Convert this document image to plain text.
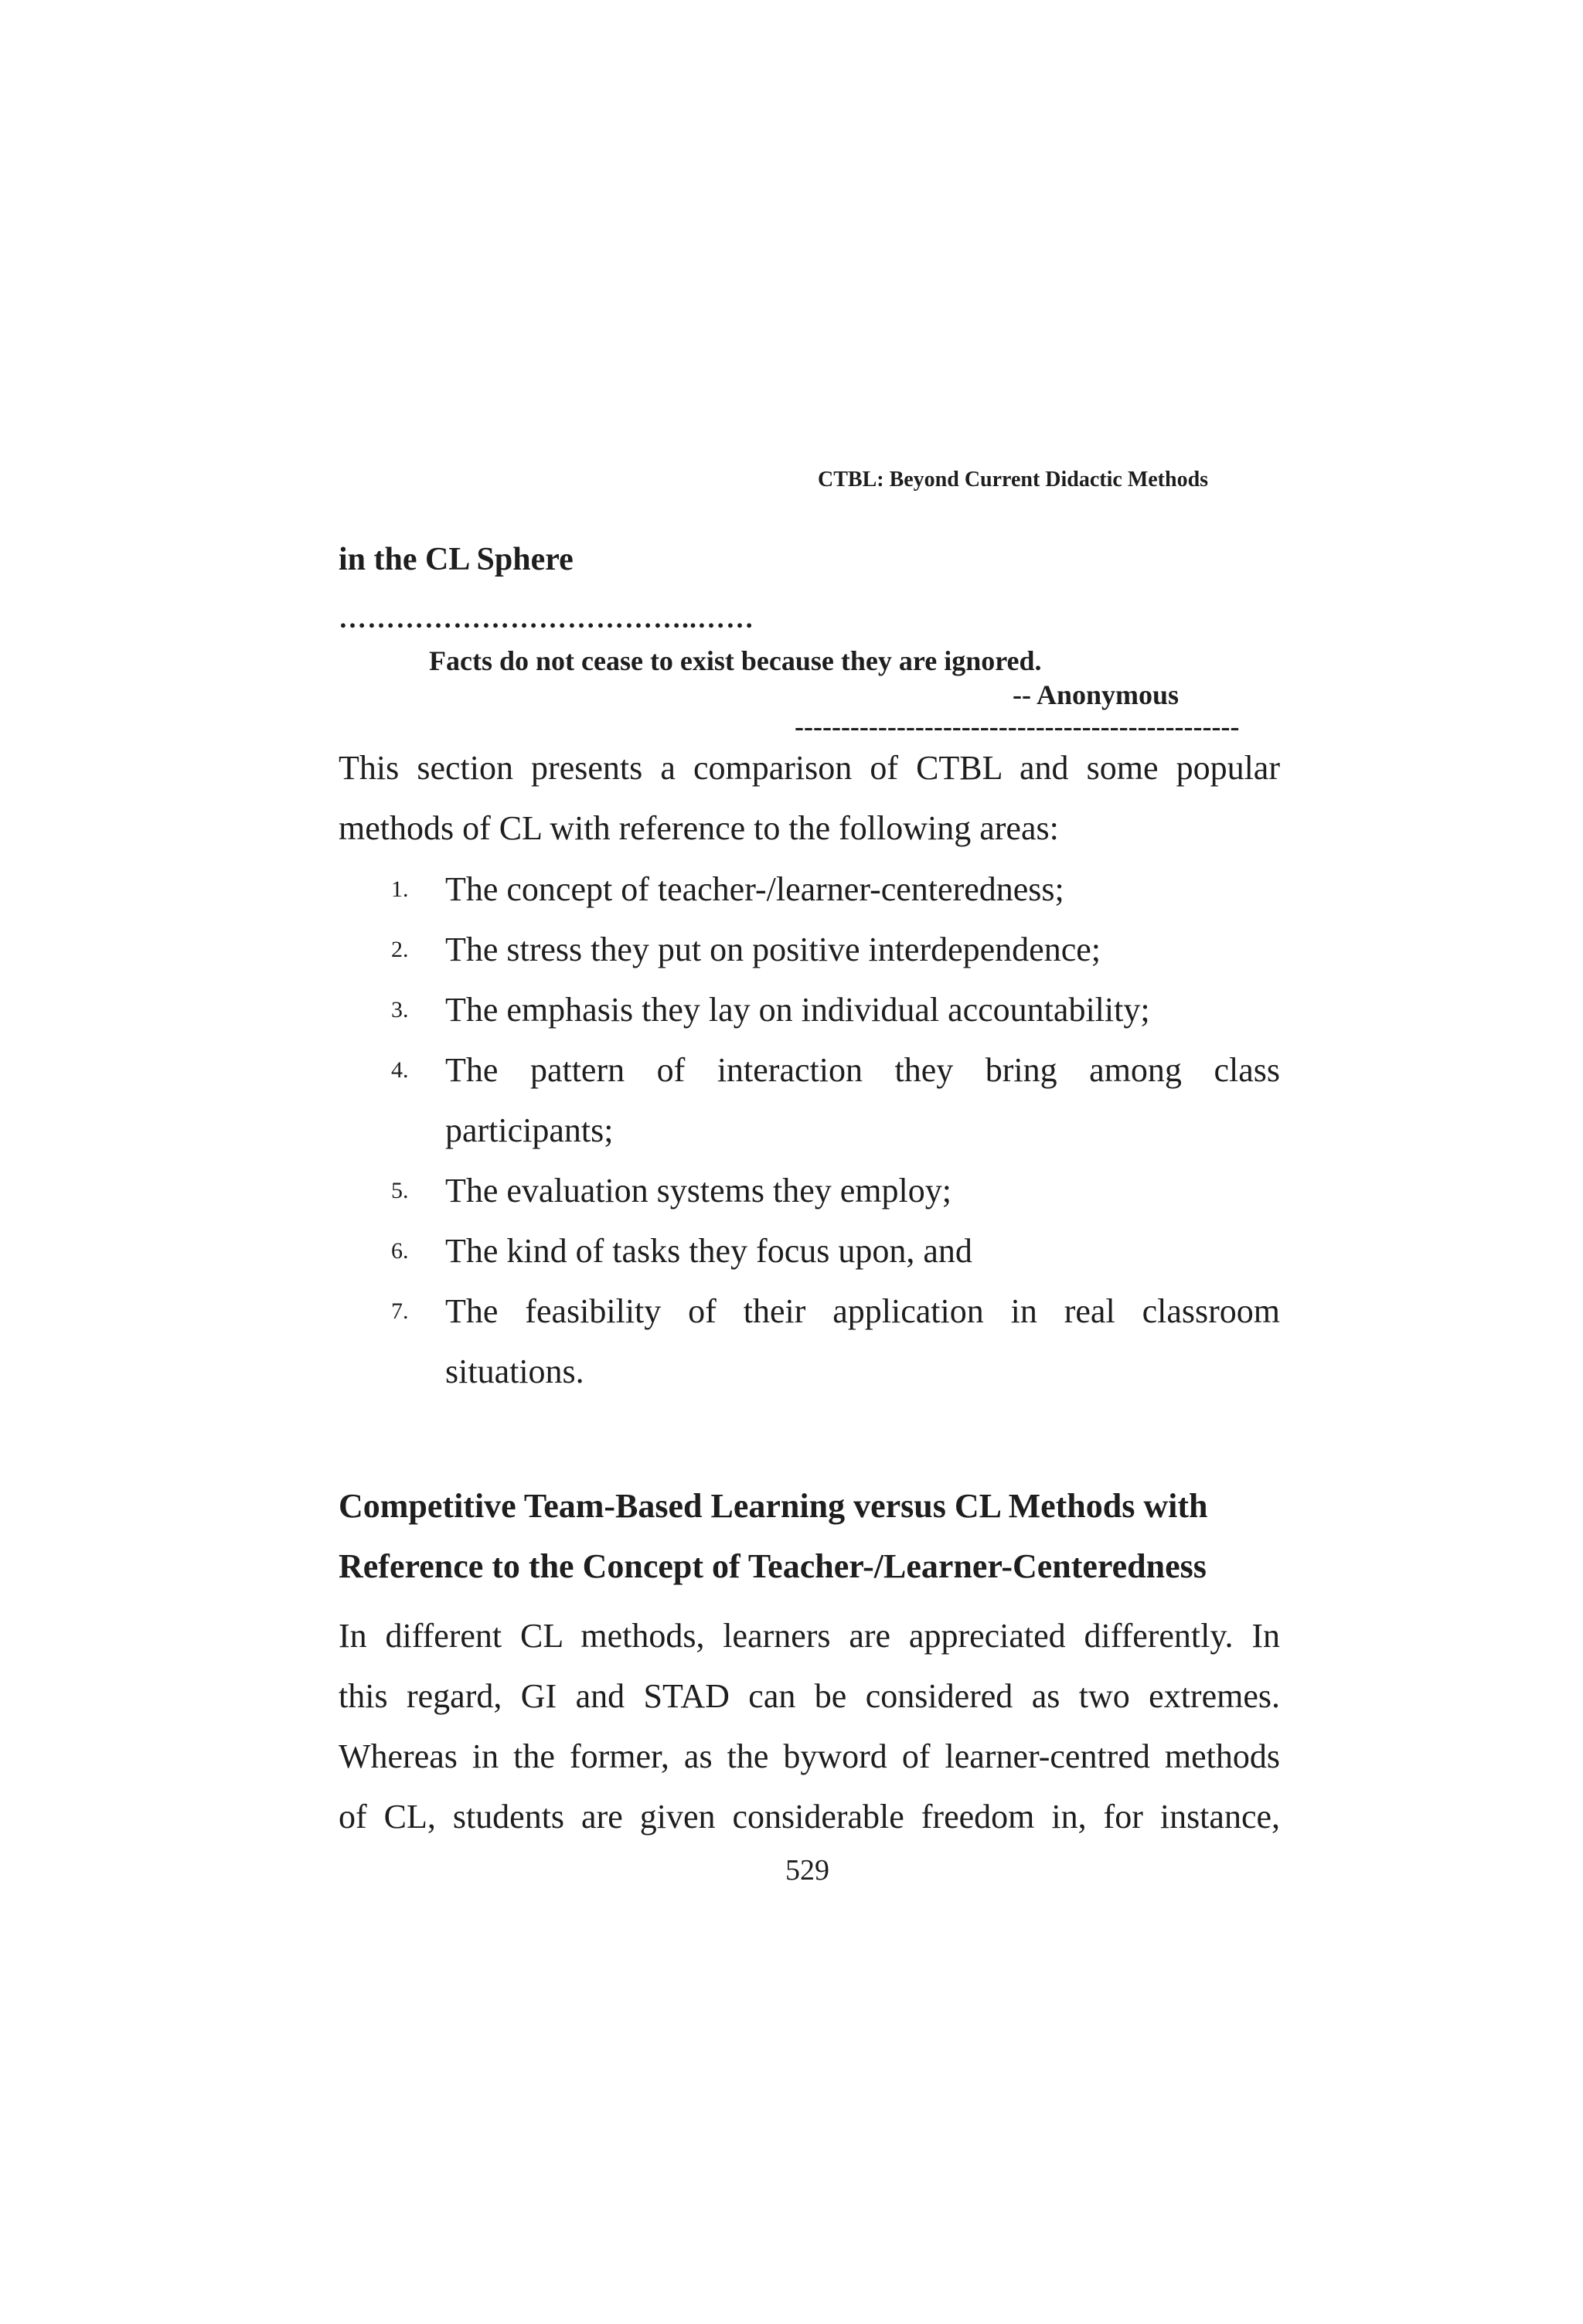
CTBL: Beyond Current Didactic Methods
in the CL Sphere
………………………………..……
Facts do not cease to exist because they are ignored.
-- Anonymous
------------------------------------------------
This section presents a comparison of CTBL and some popular
methods of CL with reference to the following areas:
1. The concept of teacher-/learner-centeredness;
2. The stress they put on positive interdependence;
3. The emphasis they lay on individual accountability;
4. The pattern of interaction they bring among class
participants;
5. The evaluation systems they employ;
6. The kind of tasks they focus upon, and
7. The feasibility of their application in real classroom
situations.
Competitive Team-Based Learning versus CL Methods with
Reference to the Concept of Teacher-/Learner-Centeredness
In different CL methods, learners are appreciated differently. In
this regard, GI and STAD can be considered as two extremes.
Whereas in the former, as the byword of learner-centred methods
of CL, students are given considerable freedom in, for instance,
529
